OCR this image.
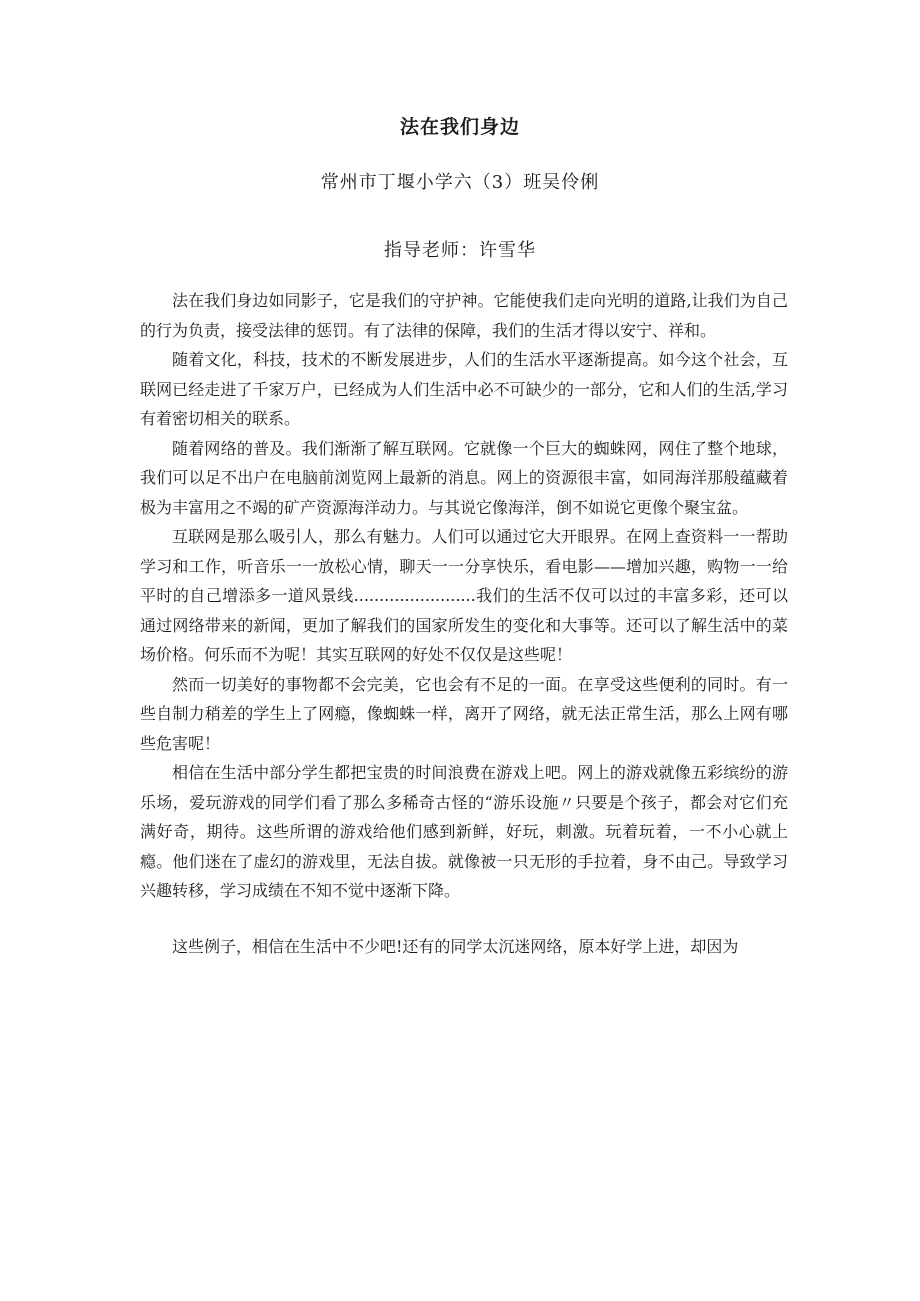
法在我们身边
常州市丁堰小学六（3）班吴伶俐
指导老师：许雪华

法在我们身边如同影子，它是我们的守护神。它能使我们走向光明的道路,让我们为自己的行为负责，接受法律的惩罚。有了法律的保障，我们的生活才得以安宁、祥和。

随着文化，科技，技术的不断发展进步，人们的生活水平逐渐提高。如今这个社会，互联网已经走进了千家万户，已经成为人们生活中必不可缺少的一部分，它和人们的生活,学习有着密切相关的联系。

随着网络的普及。我们渐渐了解互联网。它就像一个巨大的蜘蛛网，网住了整个地球，我们可以足不出户在电脑前浏览网上最新的消息。网上的资源很丰富，如同海洋那般蕴藏着极为丰富用之不竭的矿产资源海洋动力。与其说它像海洋，倒不如说它更像个聚宝盆。

互联网是那么吸引人，那么有魅力。人们可以通过它大开眼界。在网上查资料一一帮助学习和工作，听音乐一一放松心情，聊天一一分享快乐，看电影——增加兴趣，购物一一给平时的自己增添多一道风景线........................我们的生活不仅可以过的丰富多彩，还可以通过网络带来的新闻，更加了解我们的国家所发生的变化和大事等。还可以了解生活中的菜场价格。何乐而不为呢！其实互联网的好处不仅仅是这些呢！

然而一切美好的事物都不会完美，它也会有不足的一面。在享受这些便利的同时。有一些自制力稍差的学生上了网瘾，像蜘蛛一样，离开了网络，就无法正常生活，那么上网有哪些危害呢！

相信在生活中部分学生都把宝贵的时间浪费在游戏上吧。网上的游戏就像五彩缤纷的游乐场，爱玩游戏的同学们看了那么多稀奇古怪的“游乐设施〃只要是个孩子，都会对它们充满好奇，期待。这些所谓的游戏给他们感到新鲜，好玩，刺激。玩着玩着，一不小心就上瘾。他们迷在了虚幻的游戏里，无法自拔。就像被一只无形的手拉着，身不由己。导致学习兴趣转移，学习成绩在不知不觉中逐渐下降。

这些例子，相信在生活中不少吧!还有的同学太沉迷网络，原本好学上进，却因为
